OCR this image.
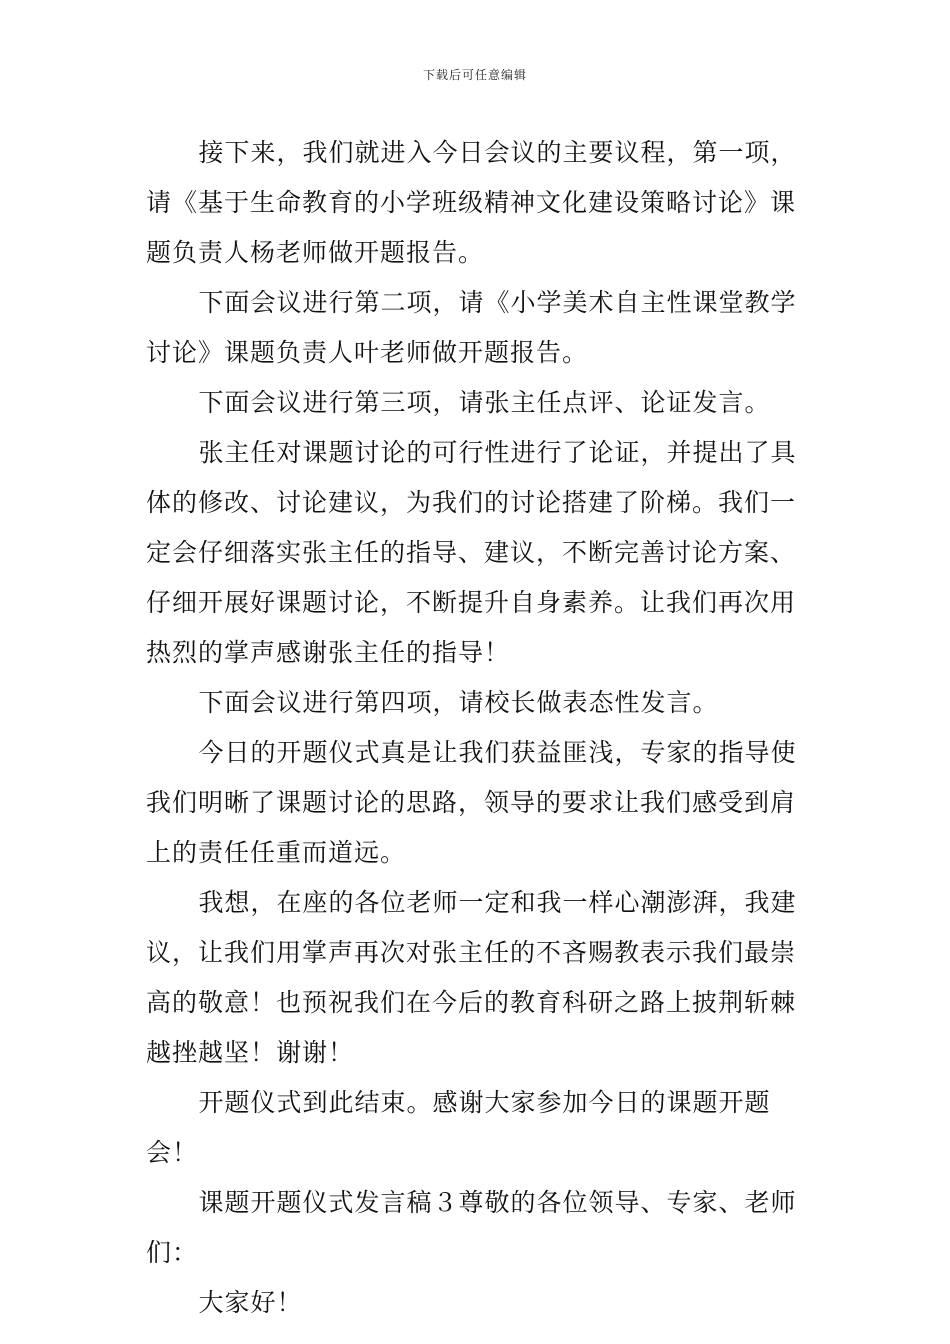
下载后可任意编辑

接下来，我们就进入今日会议的主要议程，第一项，请《基于生命教育的小学班级精神文化建设策略讨论》课题负责人杨老师做开题报告。

下面会议进行第二项，请《小学美术自主性课堂教学讨论》课题负责人叶老师做开题报告。

下面会议进行第三项，请张主任点评、论证发言。

张主任对课题讨论的可行性进行了论证，并提出了具体的修改、讨论建议，为我们的讨论搭建了阶梯。我们一定会仔细落实张主任的指导、建议，不断完善讨论方案、仔细开展好课题讨论，不断提升自身素养。让我们再次用热烈的掌声感谢张主任的指导！

下面会议进行第四项，请校长做表态性发言。

今日的开题仪式真是让我们获益匪浅，专家的指导使我们明晰了课题讨论的思路，领导的要求让我们感受到肩上的责任任重而道远。

我想，在座的各位老师一定和我一样心潮澎湃，我建议，让我们用掌声再次对张主任的不吝赐教表示我们最崇高的敬意！也预祝我们在今后的教育科研之路上披荆斩棘越挫越坚！谢谢！

开题仪式到此结束。感谢大家参加今日的课题开题会！

课题开题仪式发言稿３尊敬的各位领导、专家、老师们：

大家好！
